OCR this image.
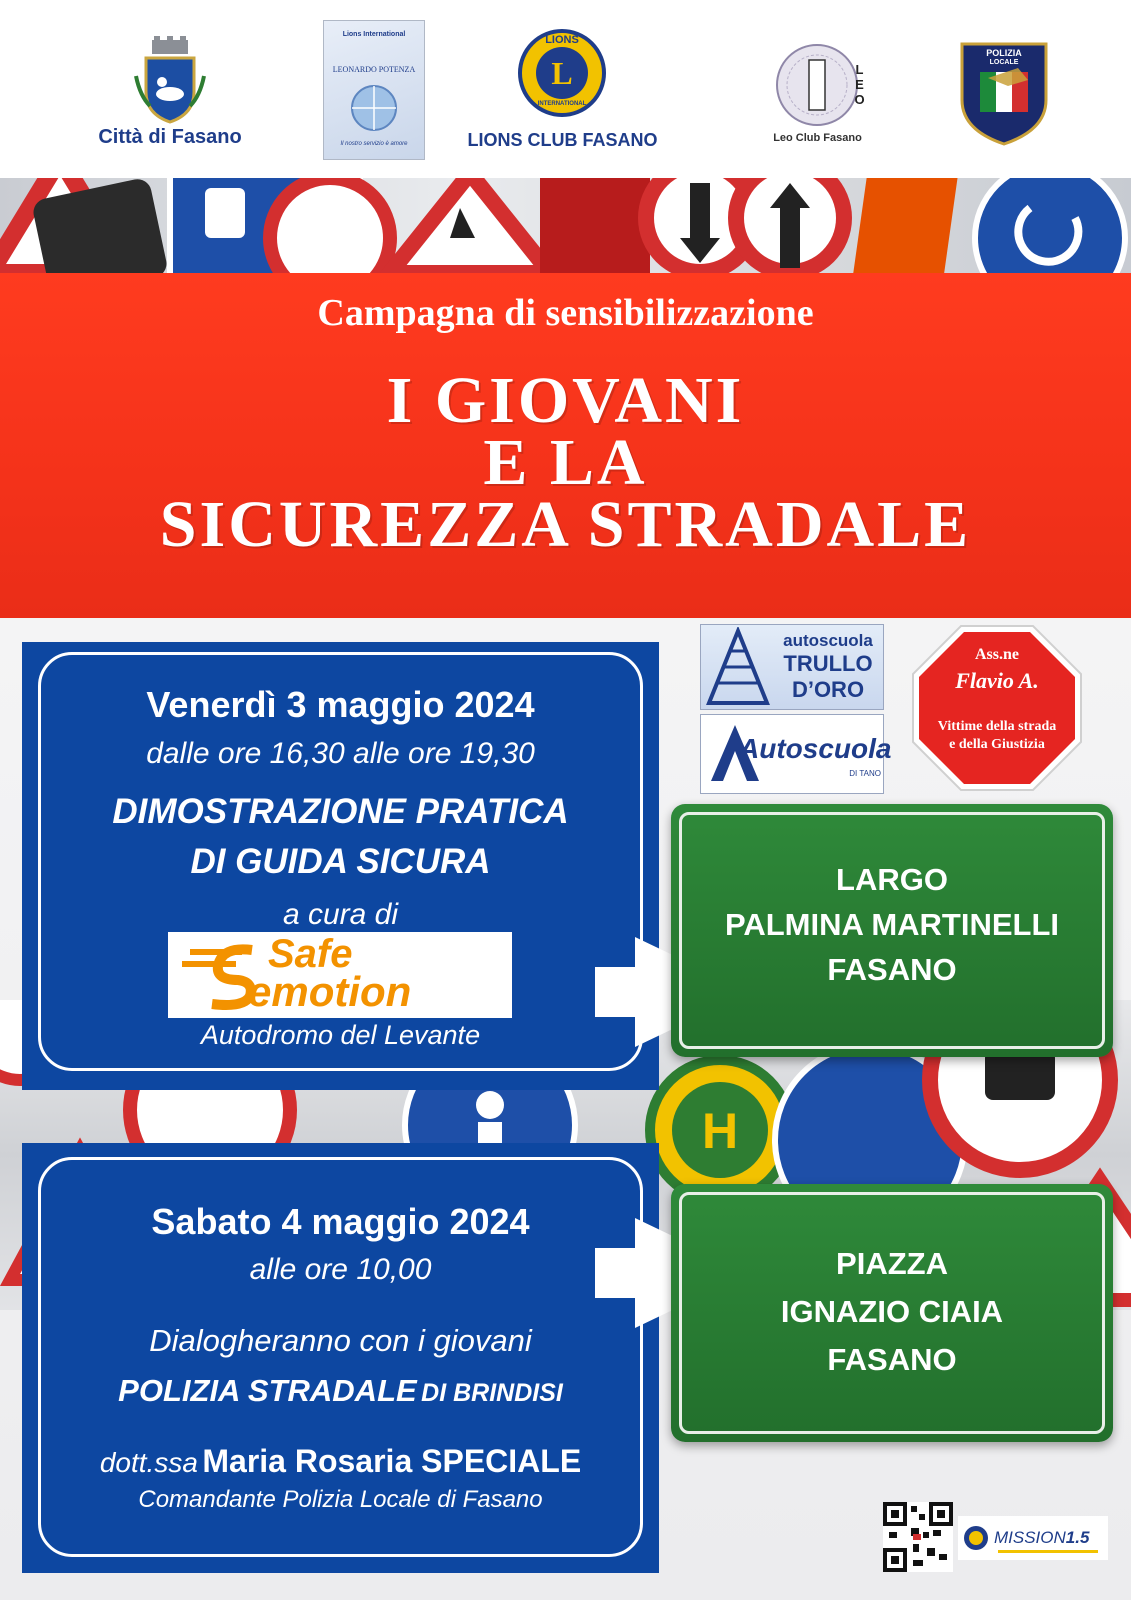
Città di Fasano
Lions International
LEONARDO POTENZA
Il nostro servizio è amore
L
LIONS
INTERNATIONAL
LIONS CLUB FASANO
LEO
Leo Club Fasano
POLIZIA
LOCALE
Campagna di sensibilizzazione
I GIOVANI
E LA
SICUREZZA STRADALE
H
Venerdì 3 maggio 2024
dalle ore 16,30 alle ore 19,30
DIMOSTRAZIONE PRATICA
DI GUIDA SICURA
a cura di
Safe
emotion
Autodromo del Levante
LARGO
PALMINA MARTINELLI
FASANO
autoscuola
TRULLO
D’ORO
Autoscuola
DI TANO
Ass.ne
Flavio A.
Vittime della strada
e della Giustizia
Sabato 4 maggio 2024
alle ore 10,00
Dialogheranno con i giovani
POLIZIA STRADALE DI BRINDISI
dott.ssa Maria Rosaria SPECIALE
Comandante Polizia Locale di Fasano
PIAZZA
IGNAZIO CIAIA
FASANO
MISSION1.5
